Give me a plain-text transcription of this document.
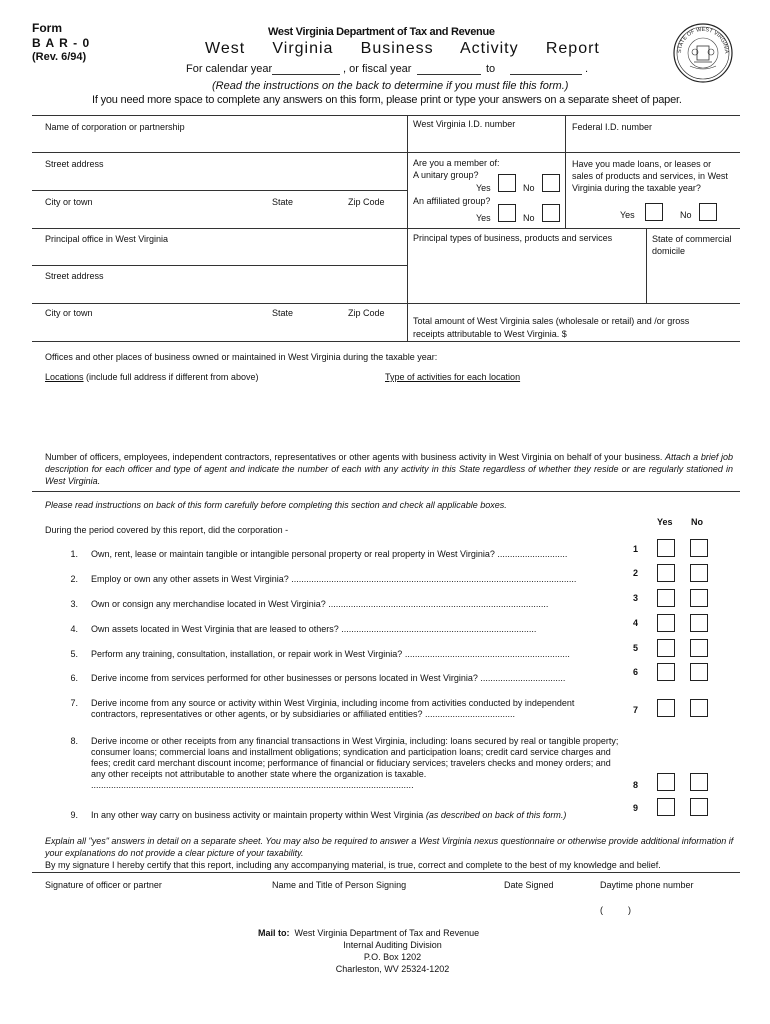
Form
B A R - 0
(Rev. 6/94)
West Virginia Department of Tax and Revenue
West     Virginia     Business     Activity     Report
For calendar year	, or fiscal year	to	.
(Read the instructions on the back to determine if you must file this form.)
If you need more space to complete any answers on this form, please print or type your answers on a separate sheet of paper.
STATE OF WEST VIRGINIA
Name of corporation or partnership	West Virginia I.D. number	Federal I.D. number
Street address	Are you a member of:
A unitary group?
Yes	No
An affiliated group?
Yes	No
Have you made loans, or leases or sales of products and services, in West Virginia during the taxable year?
Yes	No
City or town	State	Zip Code
Principal office in West Virginia	Principal types of business, products and services	State of commercial domicile
Street address
City or town	State	Zip Code
Total amount of West Virginia sales (wholesale or retail) and /or gross receipts attributable to West Virginia. $
Offices and other places of business owned or maintained in West Virginia during the taxable year:
Locations (include full address if different from above)	Type of activities for each location
Number of officers, employees, independent contractors, representatives or other agents with business activity in West Virginia on behalf of your business. Attach a brief job description for each officer and type of agent and indicate the number of each with any activity in this State regardless of whether they reside or are regularly stationed in West Virginia.
Please read instructions on back of this form carefully before completing this section and check all applicable boxes.
Yes No
During the period covered by this report, did the corporation -
1. Own, rent, lease or maintain tangible or intangible personal property or real property in West Virginia? ............................	1
2. Employ or own any other assets in West Virginia? ..................................................................................................................
2
3. Own or consign any merchandise located in West Virginia? ........................................................................................
3
4. Own assets located in West Virginia that are leased to others? ..............................................................................
4
5. Perform any training, consultation, installation, or repair work in West Virginia? ..................................................................
5
6. Derive income from services performed for other businesses or persons located in West Virginia? ..................................
6
7. Derive income from any source or activity within West Virginia, including income from activities conducted by independent contractors, representatives or other agents, or by subsidiaries or affiliated entities? ....................................	7
8. Derive income or other receipts from any financial transactions in West Virginia, including: loans secured by real or tangible property; consumer loans; commercial loans and installment obligations; syndication and participation loans; credit card service charges and fees; credit card merchant discount income; performance of financial or fiduciary services; travelers checks and money orders; and any other receipts not attributable to another state where the organization is taxable. .................................................................................................................................	8
9. In any other way carry on business activity or maintain property within West Virginia (as described on back of this form.)
9
Explain all "yes" answers in detail on a separate sheet. You may also be required to answer a West Virginia nexus questionnaire or otherwise provide additional information if your explanations do not provide a clear picture of your taxability.
By my signature I hereby certify that this report, including any accompanying material, is true, correct and complete to the best of my knowledge and belief.
Signature of officer or partner	Name and Title of Person Signing	Date Signed	Daytime phone number
(          )
Mail to: West Virginia Department of Tax and Revenue
Internal Auditing Division
P.O. Box 1202
Charleston, WV 25324-1202
